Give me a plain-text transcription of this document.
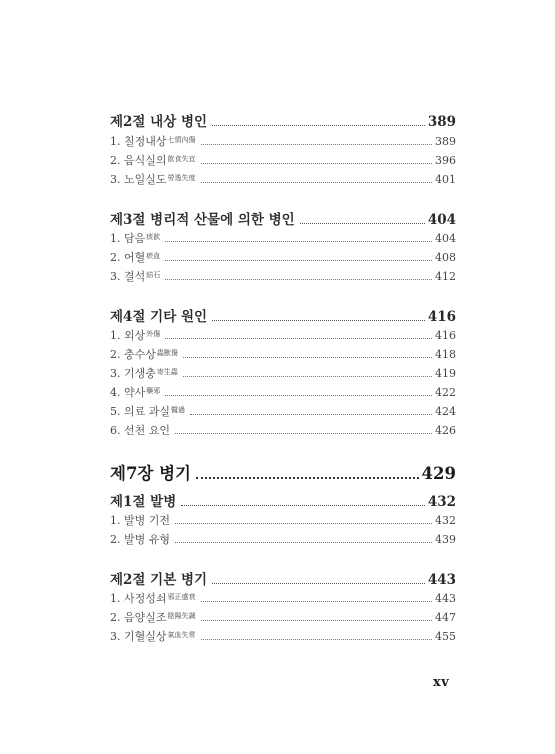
제2절 내상 병인	389
1. 칠정내상$^{七情內傷}$	389
2. 음식실의$^{飮食失宜}$	396
3. 노일실도$^{勞逸失度}$	401
제3절 병리적 산물에 의한 병인	404
1. 담음$^{痰飮}$	404
2. 어혈$^{瘀血}$	408
3. 결석$^{結石}$	412
제4절 기타 원인	416
1. 외상$^{外傷}$	416
2. 충수상$^{蟲獸傷}$	418
3. 기생충$^{寄生蟲}$	419
4. 약사$^{藥邪}$	422
5. 의료 과실$^{醫過}$	424
6. 선천 요인	426
제7장 병기	429
제1절 발병	432
1. 발병 기전	432
2. 발병 유형	439
제2절 기본 병기	443
1. 사정성쇠$^{邪正盛衰}$	443
2. 음양실조$^{陰陽失調}$	447
3. 기혈실상$^{氣血失常}$	455
xv
